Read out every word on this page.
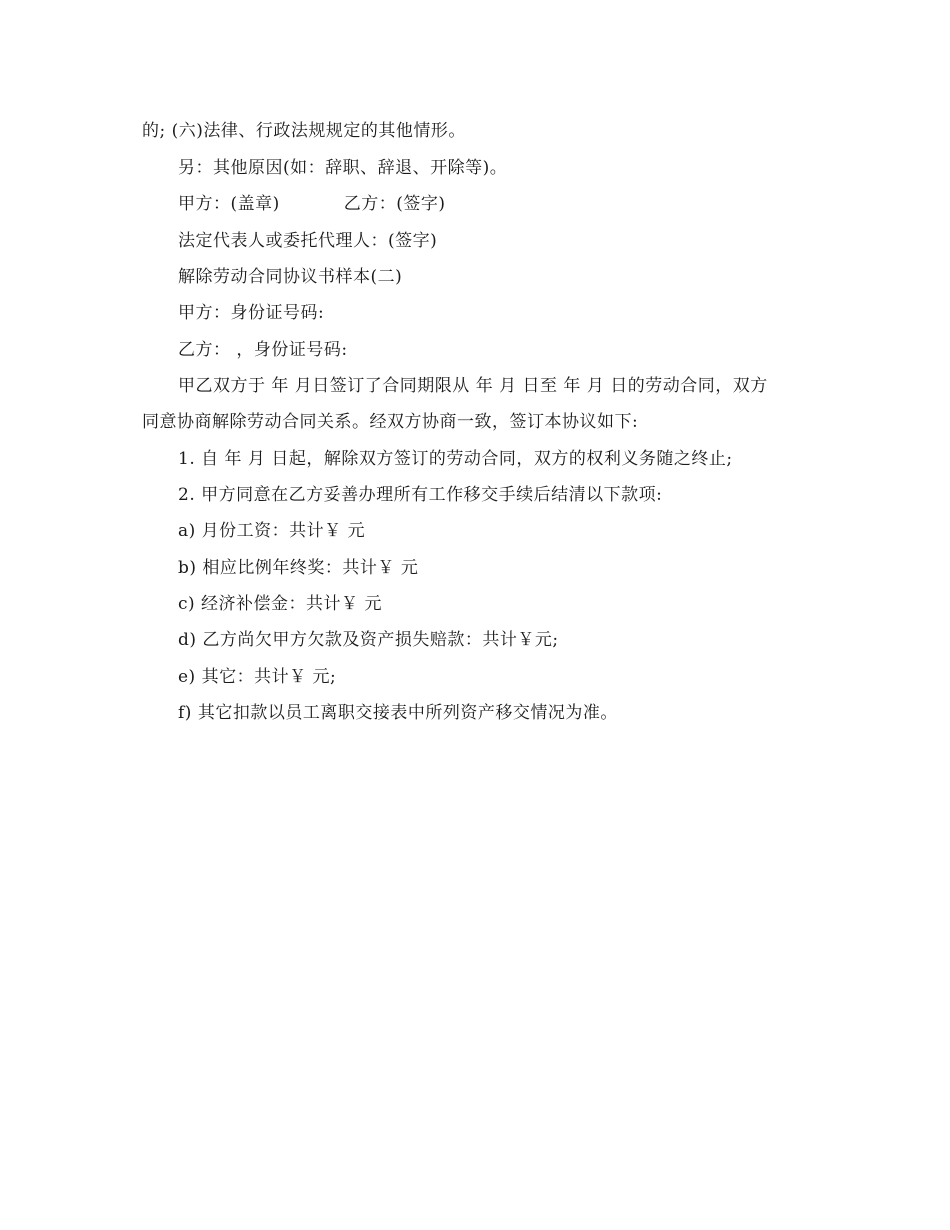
的; (六)法律、行政法规规定的其他情形。
另：其他原因(如：辞职、辞退、开除等)。
甲方：(盖章)	乙方：(签字)
法定代表人或委托代理人：(签字)
解除劳动合同协议书样本(二)
甲方：身份证号码:
乙方： ，身份证号码:
甲乙双方于 年 月日签订了合同期限从 年 月 日至 年 月 日的劳动合同，双方
同意协商解除劳动合同关系。经双方协商一致，签订本协议如下:
1. 自 年 月 日起，解除双方签订的劳动合同，双方的权利义务随之终止;
2. 甲方同意在乙方妥善办理所有工作移交手续后结清以下款项:
a) 月份工资：共计￥ 元
b) 相应比例年终奖：共计￥ 元
c) 经济补偿金：共计￥ 元
d) 乙方尚欠甲方欠款及资产损失赔款：共计￥元;
e) 其它：共计￥ 元;
f) 其它扣款以员工离职交接表中所列资产移交情况为准。
